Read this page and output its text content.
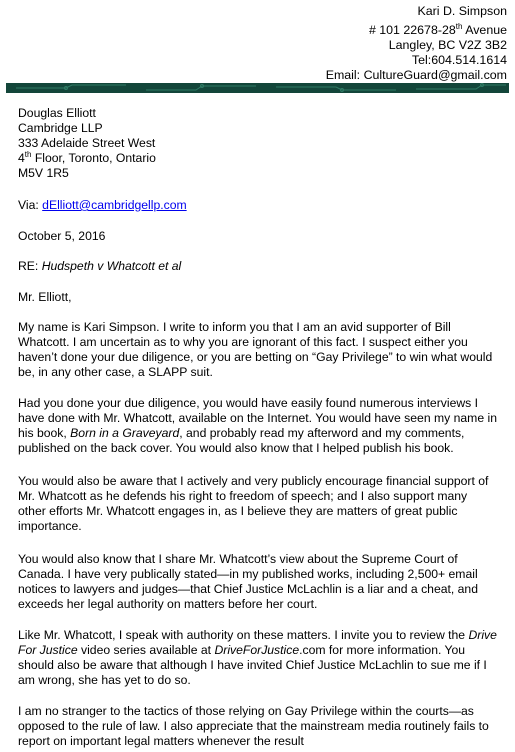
Kari D. Simpson
# 101 22678-28th Avenue
Langley, BC V2Z 3B2
Tel:604.514.1614
Email: CultureGuard@gmail.com
Douglas Elliott
Cambridge LLP
333 Adelaide Street West
4th Floor, Toronto, Ontario
M5V 1R5
Via: dElliott@cambridgellp.com
October 5, 2016
RE: Hudspeth v Whatcott et al
Mr. Elliott,

My name is Kari Simpson. I write to inform you that I am an avid supporter of Bill Whatcott. I am uncertain as to why you are ignorant of this fact. I suspect either you haven’t done your due diligence, or you are betting on “Gay Privilege” to win what would be, in any other case, a SLAPP suit.

Had you done your due diligence, you would have easily found numerous interviews I have done with Mr. Whatcott, available on the Internet. You would have seen my name in his book, Born in a Graveyard, and probably read my afterword and my comments, published on the back cover. You would also know that I helped publish his book.

You would also be aware that I actively and very publicly encourage financial support of Mr. Whatcott as he defends his right to freedom of speech; and I also support many other efforts Mr. Whatcott engages in, as I believe they are matters of great public importance.

You would also know that I share Mr. Whatcott’s view about the Supreme Court of Canada. I have very publically stated—in my published works, including 2,500+ email notices to lawyers and judges—that Chief Justice McLachlin is a liar and a cheat, and exceeds her legal authority on matters before her court.

Like Mr. Whatcott, I speak with authority on these matters. I invite you to review the Drive For Justice video series available at DriveForJustice.com for more information. You should also be aware that although I have invited Chief Justice McLachlin to sue me if I am wrong, she has yet to do so.

I am no stranger to the tactics of those relying on Gay Privilege within the courts—as opposed to the rule of law. I also appreciate that the mainstream media routinely fails to report on important legal matters whenever the result
